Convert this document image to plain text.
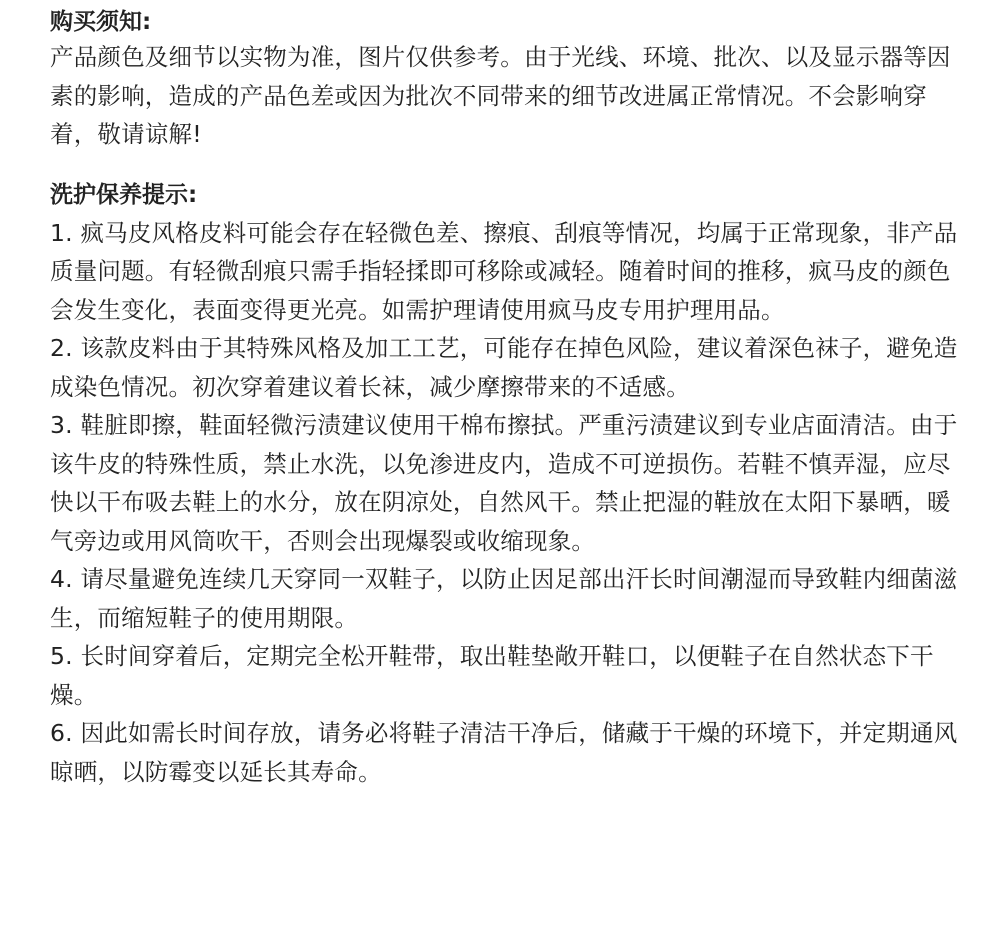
购买须知:

产品颜色及细节以实物为准，图片仅供参考。由于光线、环境、批次、以及显示器等因素的影响，造成的产品色差或因为批次不同带来的细节改进属正常情况。不会影响穿着，敬请谅解!

洗护保养提示:

1. 疯马皮风格皮料可能会存在轻微色差、擦痕、刮痕等情况，均属于正常现象，非产品质量问题。有轻微刮痕只需手指轻揉即可移除或减轻。随着时间的推移，疯马皮的颜色会发生变化，表面变得更光亮。如需护理请使用疯马皮专用护理用品。

2. 该款皮料由于其特殊风格及加工工艺，可能存在掉色风险，建议着深色袜子，避免造成染色情况。初次穿着建议着长袜，减少摩擦带来的不适感。

3. 鞋脏即擦，鞋面轻微污渍建议使用干棉布擦拭。严重污渍建议到专业店面清洁。由于该牛皮的特殊性质，禁止水洗，以免渗进皮内，造成不可逆损伤。若鞋不慎弄湿，应尽快以干布吸去鞋上的水分，放在阴凉处，自然风干。禁止把湿的鞋放在太阳下暴晒，暖气旁边或用风筒吹干，否则会出现爆裂或收缩现象。

4. 请尽量避免连续几天穿同一双鞋子，以防止因足部出汗长时间潮湿而导致鞋内细菌滋生，而缩短鞋子的使用期限。

5. 长时间穿着后，定期完全松开鞋带，取出鞋垫敞开鞋口，以便鞋子在自然状态下干燥。

6. 因此如需长时间存放，请务必将鞋子清洁干净后，储藏于干燥的环境下，并定期通风晾晒，以防霉变以延长其寿命。
